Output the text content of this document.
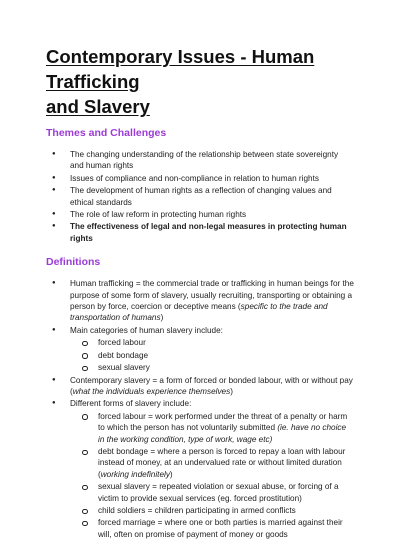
Contemporary Issues - Human Trafficking
and Slavery
Themes and Challenges
● The changing understanding of the relationship between state sovereignty and human rights
● Issues of compliance and non-compliance in relation to human rights
● The development of human rights as a reflection of changing values and ethical standards
● The role of law reform in protecting human rights
● The effectiveness of legal and non-legal measures in protecting human rights
Definitions
● Human trafficking = the commercial trade or trafficking in human beings for the purpose of some form of slavery, usually recruiting, transporting or obtaining a person by force, coercion or deceptive means (specific to the trade and transportation of humans)
● Main categories of human slavery include:
forced labour
debt bondage
sexual slavery
● Contemporary slavery = a form of forced or bonded labour, with or without pay (what the individuals experience themselves)
● Different forms of slavery include:
forced labour = work performed under the threat of a penalty or harm to which the person has not voluntarily submitted (ie. have no choice in the working condition, type of work, wage etc)
debt bondage = where a person is forced to repay a loan with labour instead of money, at an undervalued rate or without limited duration (working indefinitely)
sexual slavery = repeated violation or sexual abuse, or forcing of a victim to provide sexual services (eg. forced prostitution)
child soldiers = children participating in armed conflicts
forced marriage = where one or both parties is married against their will, often on promise of payment of money or goods
